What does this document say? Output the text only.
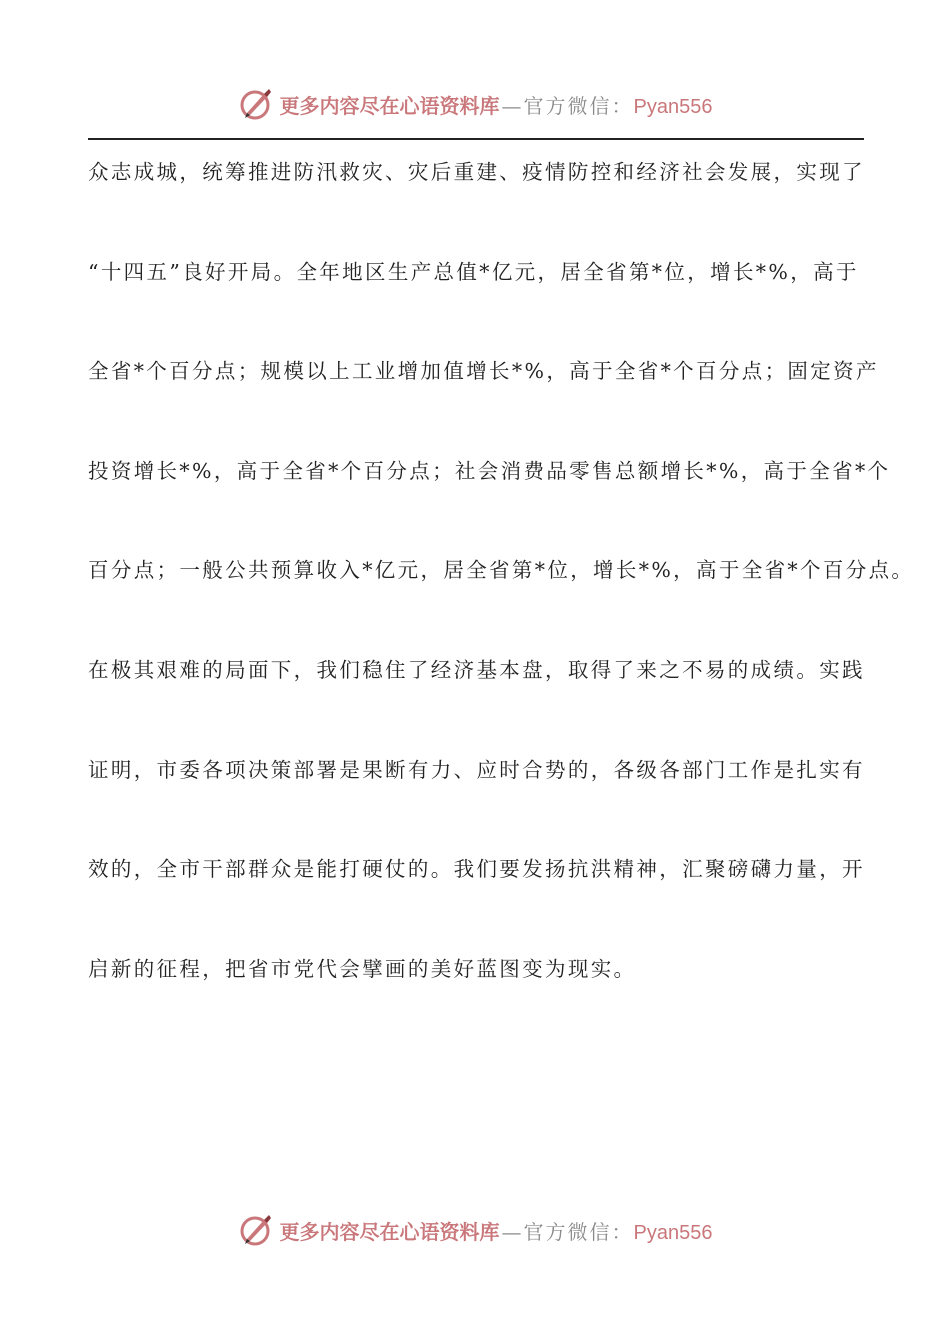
更多内容尽在心语资料库 — 官方微信： Pyan556
众志成城，统筹推进防汛救灾、灾后重建、疫情防控和经济社会发展，实现了
“十四五”良好开局。全年地区生产总值*亿元，居全省第*位，增长*%，高于
全省*个百分点；规模以上工业增加值增长*%，高于全省*个百分点；固定资产
投资增长*%，高于全省*个百分点；社会消费品零售总额增长*%，高于全省*个
百分点；一般公共预算收入*亿元，居全省第*位，增长*%，高于全省*个百分点。
在极其艰难的局面下，我们稳住了经济基本盘，取得了来之不易的成绩。实践
证明，市委各项决策部署是果断有力、应时合势的，各级各部门工作是扎实有
效的，全市干部群众是能打硬仗的。我们要发扬抗洪精神，汇聚磅礴力量，开
启新的征程，把省市党代会擘画的美好蓝图变为现实。
更多内容尽在心语资料库 — 官方微信： Pyan556
